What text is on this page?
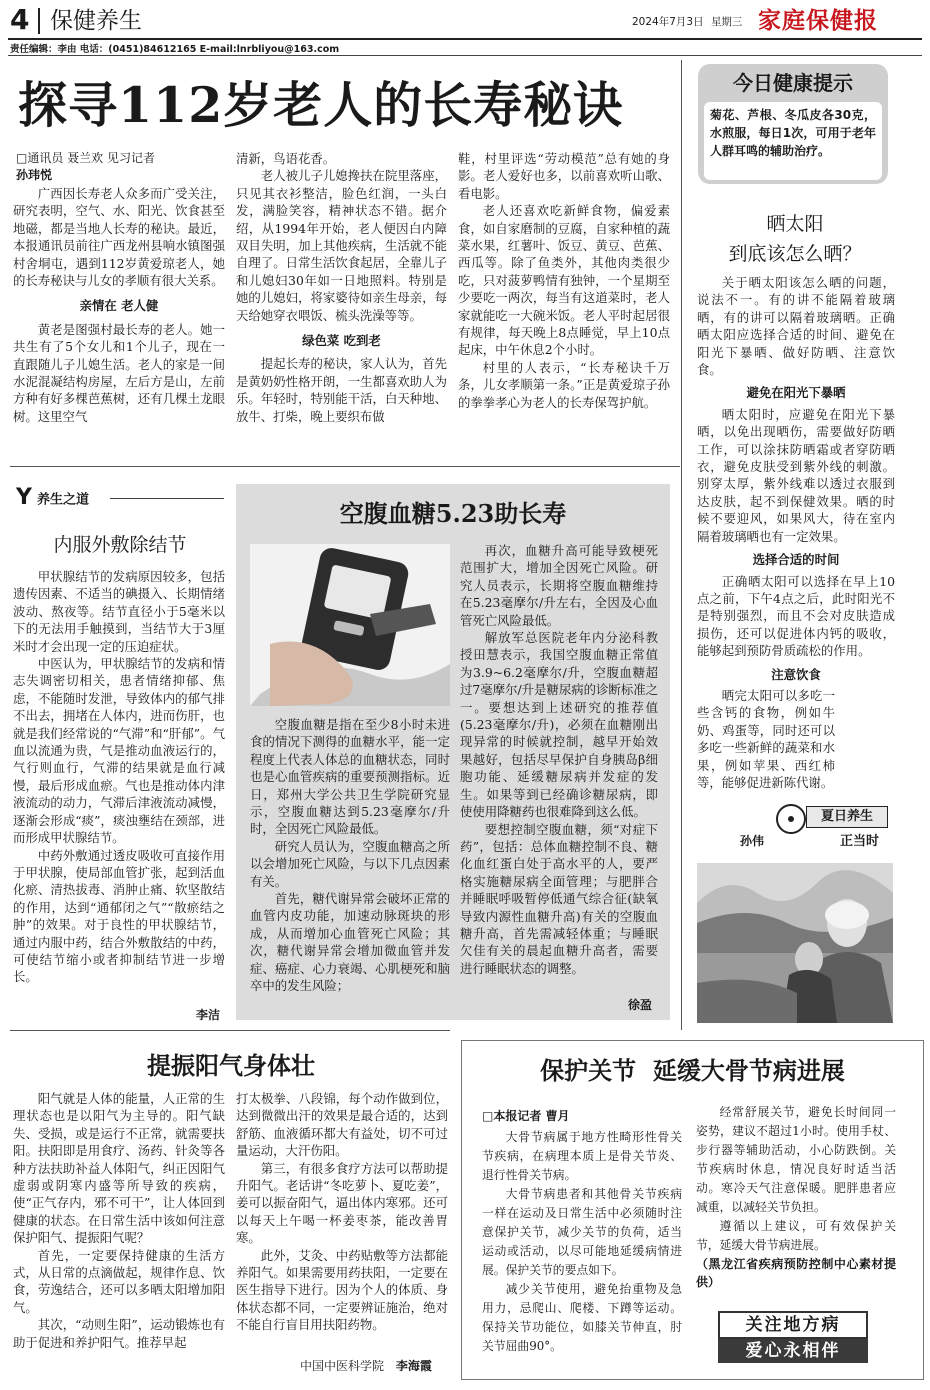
4 保健养生	2024年7月3日 星期三 家庭保健报
责任编辑：李由 电话：(0451)84612165 E-mail:lnrbliyou@163.com
探寻112岁老人的长寿秘诀
□通讯员 聂兰欢 见习记者
孙玮悦

广西因长寿老人众多而广受关注，研究表明，空气、水、阳光、饮食甚至地磁，都是当地人长寿的秘诀。最近，本报通讯员前往广西龙州县响水镇图强村舍垌屯，遇到112岁黄爱琼老人，她的长寿秘诀与儿女的孝顺有很大关系。

亲情在 老人健

黄老是图强村最长寿的老人。她一共生有了5个女儿和1个儿子，现在一直跟随儿子儿媳生活。老人的家是一间水泥混凝结构房屋，左后方是山，左前方种有好多棵芭蕉树，还有几棵土龙眼树。这里空气

清新，鸟语花香。

老人被儿子儿媳搀扶在院里落座，只见其衣衫整洁，脸色红润，一头白发，满脸笑容，精神状态不错。据介绍，从1994年开始，老人便因白内障双目失明，加上其他疾病，生活就不能自理了。日常生活饮食起居，全靠儿子和儿媳妇30年如一日地照料。特别是她的儿媳妇，将家婆待如亲生母亲，每天给她穿衣喂饭、梳头洗澡等等。

绿色菜 吃到老

提起长寿的秘诀，家人认为，首先是黄奶奶性格开朗，一生都喜欢助人为乐。年轻时，特别能干活，白天种地、放牛、打柴，晚上要织布做

鞋，村里评选“劳动模范”总有她的身影。老人爱好也多，以前喜欢听山歌、看电影。

老人还喜欢吃新鲜食物，偏爱素食，如自家磨制的豆腐，自家种植的蔬菜水果，红薯叶、饭豆、黄豆、芭蕉、西瓜等。除了鱼类外，其他肉类很少吃，只对菠萝鸭情有独钟，一个星期至少要吃一两次，每当有这道菜时，老人家就能吃一大碗米饭。老人平时起居很有规律，每天晚上8点睡觉，早上10点起床，中午休息2个小时。

村里的人表示，“长寿秘诀千万条，儿女孝顺第一条。”正是黄爱琼子孙的拳拳孝心为老人的长寿保驾护航。

今日健康提示
菊花、芦根、冬瓜皮各30克，水煎服，每日1次，可用于老年人群耳鸣的辅助治疗。
晒太阳
到底该怎么晒？

关于晒太阳该怎么晒的问题，说法不一。有的讲不能隔着玻璃晒，有的讲可以隔着玻璃晒。正确晒太阳应选择合适的时间、避免在阳光下暴晒、做好防晒、注意饮食。

避免在阳光下暴晒

晒太阳时，应避免在阳光下暴晒，以免出现晒伤，需要做好防晒工作，可以涂抹防晒霜或者穿防晒衣，避免皮肤受到紫外线的刺激。别穿太厚，紫外线难以透过衣服到达皮肤，起不到保健效果。晒的时候不要迎风，如果风大，待在室内隔着玻璃晒也有一定效果。

选择合适的时间

正确晒太阳可以选择在早上10点之前，下午4点之后，此时阳光不是特别强烈，而且不会对皮肤造成损伤，还可以促进体内钙的吸收，能够起到预防骨质疏松的作用。

注意饮食

晒完太阳可以多吃一些含钙的食物，例如牛奶、鸡蛋等，同时还可以多吃一些新鲜的蔬菜和水果，例如苹果、西红柿等，能够促进新陈代谢。

孙伟
夏日养生
正当时
Y 养生之道
内服外敷除结节

甲状腺结节的发病原因较多，包括遗传因素、不适当的碘摄入、长期情绪波动、熬夜等。结节直径小于5毫米以下的无法用手触摸到，当结节大于3厘米时才会出现一定的压迫症状。

中医认为，甲状腺结节的发病和情志失调密切相关，患者情绪抑郁、焦虑，不能随时发泄，导致体内的郁气排不出去，拥堵在人体内，进而伤肝，也就是我们经常说的“气滞”和“肝郁”。气血以流通为贵，气是推动血液运行的，气行则血行，气滞的结果就是血行减慢，最后形成血瘀。气也是推动体内津液流动的动力，气滞后津液流动减慢，逐渐会形成“痰”，痰浊壅结在颈部，进而形成甲状腺结节。

中药外敷通过透皮吸收可直接作用于甲状腺，使局部血管扩张，起到活血化瘀、清热拔毒、消肿止痛、软坚散结的作用，达到“通郁闭之气”“散瘀结之肿”的效果。对于良性的甲状腺结节，通过内服中药，结合外敷散结的中药，可使结节缩小或者抑制结节进一步增长。

李洁
空腹血糖5.23助长寿

空腹血糖是指在至少8小时未进食的情况下测得的血糖水平，能一定程度上代表人体总的血糖状态，同时也是心血管疾病的重要预测指标。近日，郑州大学公共卫生学院研究显示，空腹血糖达到5.23毫摩尔/升时，全因死亡风险最低。

研究人员认为，空腹血糖高之所以会增加死亡风险，与以下几点因素有关。

首先，糖代谢异常会破坏正常的血管内皮功能，加速动脉斑块的形成，从而增加心血管死亡风险；其次，糖代谢异常会增加微血管并发症、癌症、心力衰竭、心肌梗死和脑卒中的发生风险；

再次，血糖升高可能导致梗死范围扩大，增加全因死亡风险。研究人员表示，长期将空腹血糖维持在5.23毫摩尔/升左右，全因及心血管死亡风险最低。

解放军总医院老年内分泌科教授田慧表示，我国空腹血糖正常值为3.9~6.2毫摩尔/升，空腹血糖超过7毫摩尔/升是糖尿病的诊断标准之一。要想达到上述研究的推荐值(5.23毫摩尔/升)，必须在血糖刚出现异常的时候就控制，越早开始效果越好，包括尽早保护自身胰岛β细胞功能、延缓糖尿病并发症的发生。如果等到已经确诊糖尿病，即使使用降糖药也很难降到这么低。

要想控制空腹血糖，须“对症下药”，包括：总体血糖控制不良、糖化血红蛋白处于高水平的人，要严格实施糖尿病全面管理；与肥胖合并睡眠呼吸暂停低通气综合征(缺氧导致内源性血糖升高)有关的空腹血糖升高，首先需减轻体重；与睡眠欠佳有关的晨起血糖升高者，需要进行睡眠状态的调整。

徐盈
提振阳气身体壮

阳气就是人体的能量，人正常的生理状态也是以阳气为主导的。阳气缺失、受损，或是运行不正常，就需要扶阳。扶阳即是用食疗、汤药、针灸等各种方法扶助补益人体阳气，纠正因阳气虚弱或阴寒内盛等所导致的疾病，使“正气存内，邪不可干”，让人体回到健康的状态。在日常生活中该如何注意保护阳气、提振阳气呢？

首先，一定要保持健康的生活方式，从日常的点滴做起，规律作息、饮食，劳逸结合，还可以多晒太阳增加阳气。

其次，“动则生阳”，运动锻炼也有助于促进和养护阳气。推荐早起

打太极拳、八段锦，每个动作做到位，达到微微出汗的效果是最合适的，达到舒筋、血液循环都大有益处，切不可过量运动，大汗伤阳。

第三，有很多食疗方法可以帮助提升阳气。老话讲“冬吃萝卜、夏吃姜”，姜可以振奋阳气，逼出体内寒邪。还可以每天上午喝一杯姜枣茶，能改善胃寒。

此外，艾灸、中药贴敷等方法都能养阳气。如果需要用药扶阳，一定要在医生指导下进行。因为个人的体质、身体状态都不同，一定要辨证施治，绝对不能自行盲目用扶阳药物。

中国中医科学院 李海霞
保护关节  延缓大骨节病进展
□本报记者 曹月

大骨节病属于地方性畸形性骨关节疾病，在病理本质上是骨关节炎、退行性骨关节病。

大骨节病患者和其他骨关节疾病一样在运动及日常生活中必须随时注意保护关节，减少关节的负荷，适当运动或活动，以尽可能地延缓病情进展。保护关节的要点如下。

减少关节使用，避免抬重物及急用力，忌爬山、爬楼、下蹲等运动。保持关节功能位，如膝关节伸直，肘关节屈曲90°。

经常舒展关节，避免长时间同一姿势，建议不超过1小时。使用手杖、步行器等辅助活动，小心防跌倒。关节疾病时休息，情况良好时适当活动。寒冷天气注意保暖。肥胖患者应减重，以减轻关节负担。

遵循以上建议，可有效保护关节，延缓大骨节病进展。

（黑龙江省疾病预防控制中心素材提供）

关注地方病
爱心永相伴
